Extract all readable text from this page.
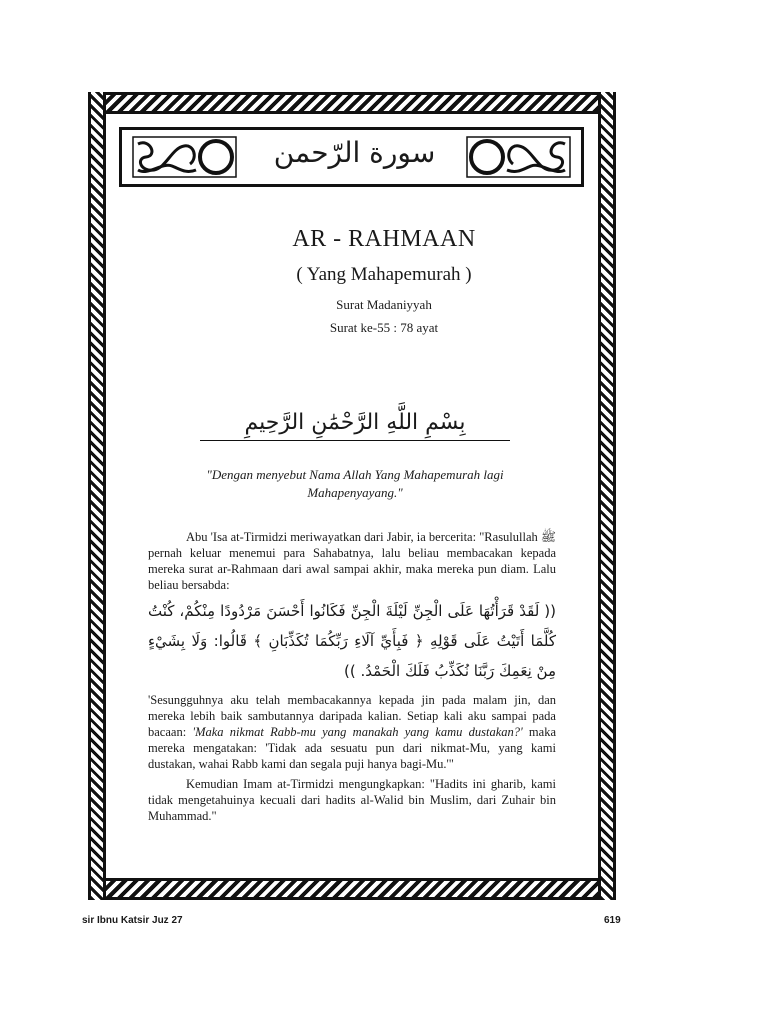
سورة الرّحمن
AR - RAHMAAN
( Yang Mahapemurah )
Surat Madaniyyah
Surat ke-55 : 78 ayat
بِسْمِ اللَّهِ الرَّحْمَٰنِ الرَّحِيمِ
"Dengan menyebut Nama Allah Yang Mahapemurah lagi Mahapenyayang."
Abu 'Isa at-Tirmidzi meriwayatkan dari Jabir, ia bercerita: "Rasulullah ﷺ pernah keluar menemui para Sahabatnya, lalu beliau membacakan kepada mereka surat ar-Rahmaan dari awal sampai akhir, maka mereka pun diam. Lalu beliau bersabda:
(( لَقَدْ قَرَأْتُهَا عَلَى الْجِنِّ لَيْلَةَ الْجِنِّ فَكَانُوا أَحْسَنَ مَرْدُودًا مِنْكُمْ، كُنْتُ كُلَّمَا أَتَيْتُ عَلَى قَوْلِهِ ﴿ فَبِأَيِّ آلَاءِ رَبِّكُمَا تُكَذِّبَانِ ﴾ قَالُوا: وَلَا بِشَيْءٍ مِنْ نِعَمِكَ رَبَّنَا نُكَذِّبُ فَلَكَ الْحَمْدُ. ))
'Sesungguhnya aku telah membacakannya kepada jin pada malam jin, dan mereka lebih baik sambutannya daripada kalian. Setiap kali aku sampai pada bacaan: 'Maka nikmat Rabb-mu yang manakah yang kamu dustakan?' maka mereka mengatakan: 'Tidak ada sesuatu pun dari nikmat-Mu, yang kami dustakan, wahai Rabb kami dan segala puji hanya bagi-Mu.'"
Kemudian Imam at-Tirmidzi mengungkapkan: "Hadits ini gharib, kami tidak mengetahuinya kecuali dari hadits al-Walid bin Muslim, dari Zuhair bin Muhammad."
sir Ibnu Katsir Juz 27	619
